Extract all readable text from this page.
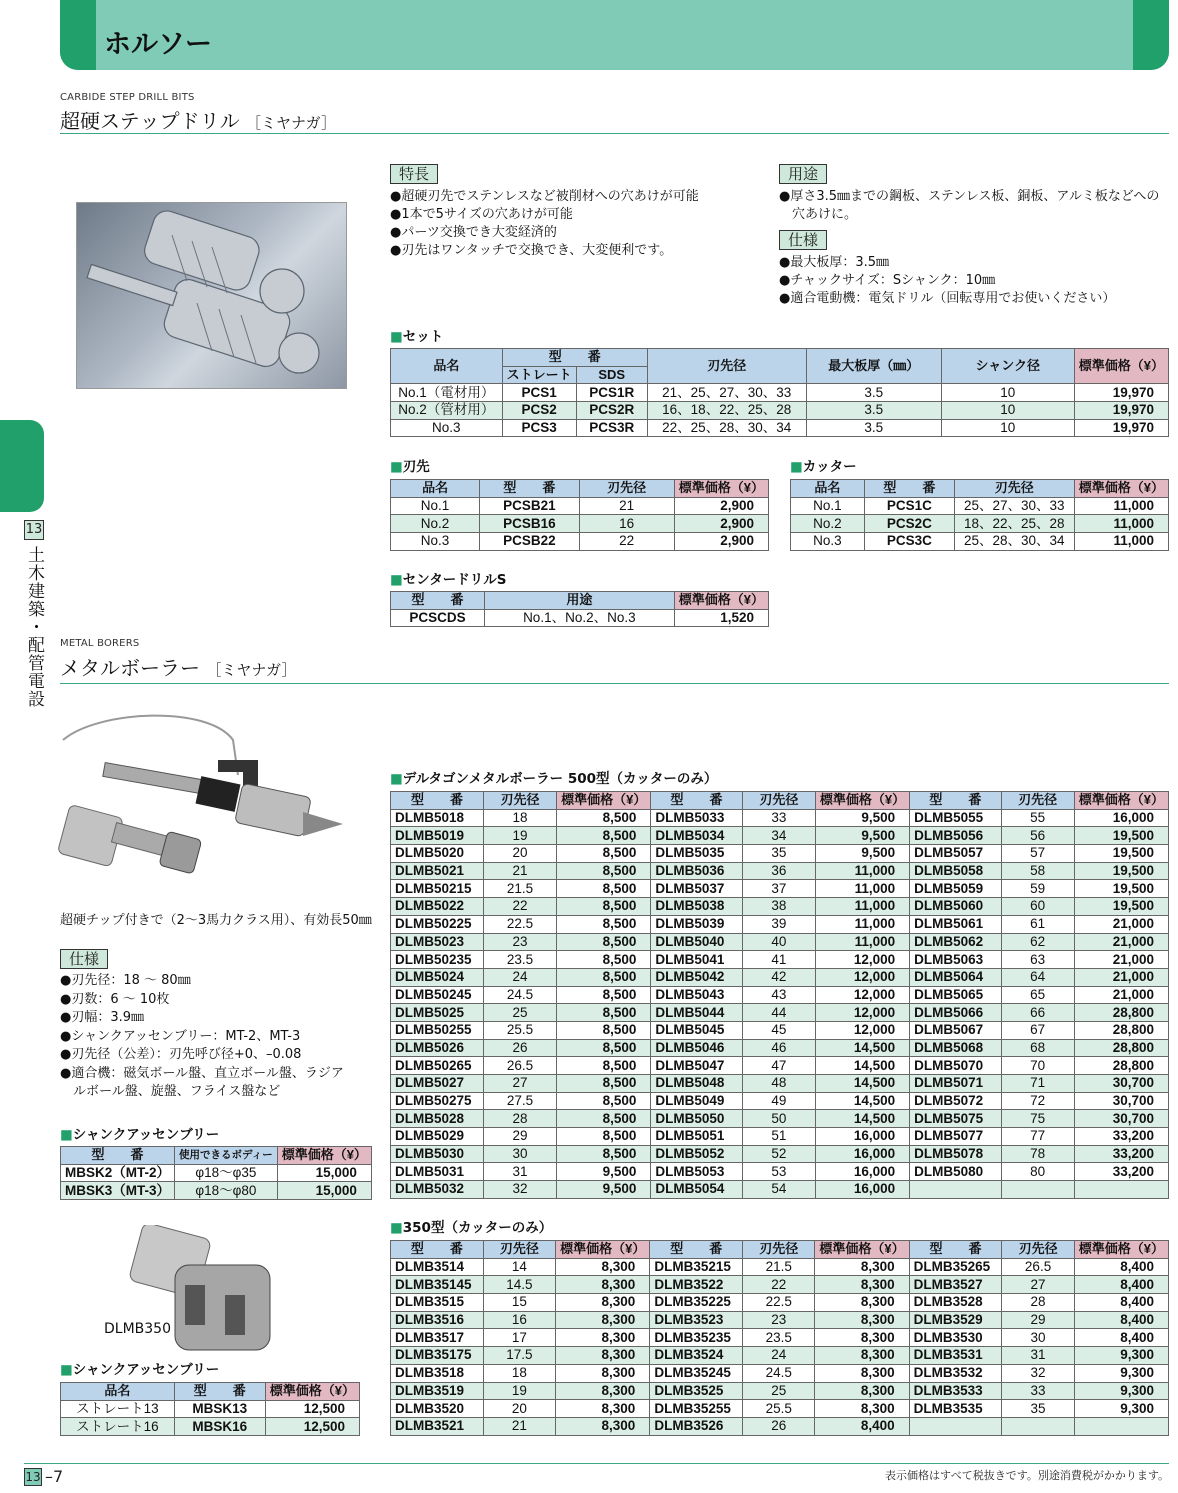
ホルソー
13
土木建築・配管電設
CARBIDE STEP DRILL BITS
超硬ステップドリル ［ミヤナガ］
特長
●超硬刃先でステンレスなど被削材への穴あけが可能
●1本で5サイズの穴あけが可能
●パーツ交換でき大変経済的
●刃先はワンタッチで交換でき、大変便利です。
用途
●厚さ3.5㎜までの鋼板、ステンレス板、銅板、アルミ板などへの
　穴あけに。
仕様
●最大板厚：3.5㎜
●チャックサイズ：Sシャンク：10㎜
●適合電動機：電気ドリル（回転専用でお使いください）
■セット
品名	型　　番		刃先径	最大板厚（㎜）	シャンク径	標準価格（¥）
	ストレート	SDS				
No.1（電材用）	PCS1	PCS1R	21、25、27、30、33	3.5	10	19,970
No.2（管材用）	PCS2	PCS2R	16、18、22、25、28	3.5	10	19,970
No.3	PCS3	PCS3R	22、25、28、30、34	3.5	10	19,970
■刃先
品名	型　　番	刃先径	標準価格（¥）
No.1	PCSB21	21	2,900
No.2	PCSB16	16	2,900
No.3	PCSB22	22	2,900
■カッター
品名	型　　番	刃先径	標準価格（¥）
No.1	PCS1C	25、27、30、33	11,000
No.2	PCS2C	18、22、25、28	11,000
No.3	PCS3C	25、28、30、34	11,000
■センタードリルS
型　　番	用途	標準価格（¥）
PCSCDS	No.1、No.2、No.3	1,520
METAL BORERS
メタルボーラー ［ミヤナガ］
超硬チップ付きで（2～3馬力クラス用）、有効長50㎜
仕様
●刃先径：18 ～ 80㎜
●刃数：6 ～ 10枚
●刃幅：3.9㎜
●シャンクアッセンブリー：MT-2、MT-3
●刃先径（公差）：刃先呼び径+0、–0.08
●適合機：磁気ボール盤、直立ボール盤、ラジア
　ルボール盤、旋盤、フライス盤など
■シャンクアッセンブリー
型　　番	使用できるボディー	標準価格（¥）
MBSK2（MT-2）	φ18～φ35	15,000
MBSK3（MT-3）	φ18～φ80	15,000
DLMB350
■シャンクアッセンブリー
品名	型　　番	標準価格（¥）
ストレート13	MBSK13	12,500
ストレート16	MBSK16	12,500
■デルタゴンメタルボーラー 500型（カッターのみ）
型　　番	刃先径	標準価格（¥）	型　　番	刃先径	標準価格（¥）	型　　番	刃先径	標準価格（¥）
DLMB5018	18	8,500	DLMB5033	33	9,500	DLMB5055	55	16,000
DLMB5019	19	8,500	DLMB5034	34	9,500	DLMB5056	56	19,500
DLMB5020	20	8,500	DLMB5035	35	9,500	DLMB5057	57	19,500
DLMB5021	21	8,500	DLMB5036	36	11,000	DLMB5058	58	19,500
DLMB50215	21.5	8,500	DLMB5037	37	11,000	DLMB5059	59	19,500
DLMB5022	22	8,500	DLMB5038	38	11,000	DLMB5060	60	19,500
DLMB50225	22.5	8,500	DLMB5039	39	11,000	DLMB5061	61	21,000
DLMB5023	23	8,500	DLMB5040	40	11,000	DLMB5062	62	21,000
DLMB50235	23.5	8,500	DLMB5041	41	12,000	DLMB5063	63	21,000
DLMB5024	24	8,500	DLMB5042	42	12,000	DLMB5064	64	21,000
DLMB50245	24.5	8,500	DLMB5043	43	12,000	DLMB5065	65	21,000
DLMB5025	25	8,500	DLMB5044	44	12,000	DLMB5066	66	28,800
DLMB50255	25.5	8,500	DLMB5045	45	12,000	DLMB5067	67	28,800
DLMB5026	26	8,500	DLMB5046	46	14,500	DLMB5068	68	28,800
DLMB50265	26.5	8,500	DLMB5047	47	14,500	DLMB5070	70	28,800
DLMB5027	27	8,500	DLMB5048	48	14,500	DLMB5071	71	30,700
DLMB50275	27.5	8,500	DLMB5049	49	14,500	DLMB5072	72	30,700
DLMB5028	28	8,500	DLMB5050	50	14,500	DLMB5075	75	30,700
DLMB5029	29	8,500	DLMB5051	51	16,000	DLMB5077	77	33,200
DLMB5030	30	8,500	DLMB5052	52	16,000	DLMB5078	78	33,200
DLMB5031	31	9,500	DLMB5053	53	16,000	DLMB5080	80	33,200
DLMB5032	32	9,500	DLMB5054	54	16,000			
■350型（カッターのみ）
型　　番	刃先径	標準価格（¥）	型　　番	刃先径	標準価格（¥）	型　　番	刃先径	標準価格（¥）
DLMB3514	14	8,300	DLMB35215	21.5	8,300	DLMB35265	26.5	8,400
DLMB35145	14.5	8,300	DLMB3522	22	8,300	DLMB3527	27	8,400
DLMB3515	15	8,300	DLMB35225	22.5	8,300	DLMB3528	28	8,400
DLMB3516	16	8,300	DLMB3523	23	8,300	DLMB3529	29	8,400
DLMB3517	17	8,300	DLMB35235	23.5	8,300	DLMB3530	30	8,400
DLMB35175	17.5	8,300	DLMB3524	24	8,300	DLMB3531	31	9,300
DLMB3518	18	8,300	DLMB35245	24.5	8,300	DLMB3532	32	9,300
DLMB3519	19	8,300	DLMB3525	25	8,300	DLMB3533	33	9,300
DLMB3520	20	8,300	DLMB35255	25.5	8,300	DLMB3535	35	9,300
DLMB3521	21	8,300	DLMB3526	26	8,400			
13 –7	表示価格はすべて税抜きです。別途消費税がかかります。
